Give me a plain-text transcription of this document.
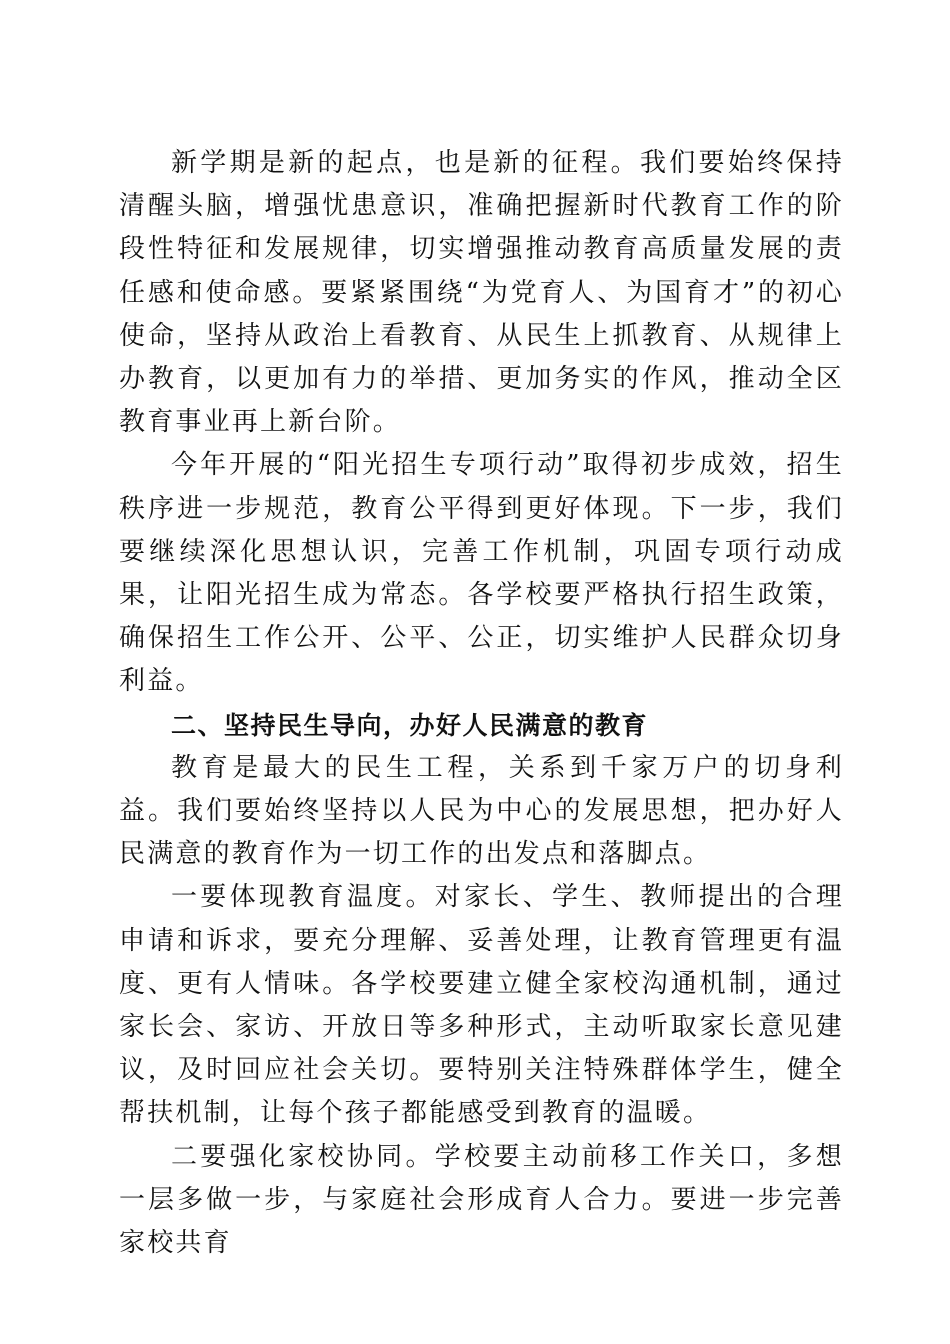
新学期是新的起点，也是新的征程。我们要始终保持清醒头脑，增强忧患意识，准确把握新时代教育工作的阶段性特征和发展规律，切实增强推动教育高质量发展的责任感和使命感。要紧紧围绕“为党育人、为国育才”的初心使命，坚持从政治上看教育、从民生上抓教育、从规律上办教育，以更加有力的举措、更加务实的作风，推动全区教育事业再上新台阶。

今年开展的“阳光招生专项行动”取得初步成效，招生秩序进一步规范，教育公平得到更好体现。下一步，我们要继续深化思想认识，完善工作机制，巩固专项行动成果，让阳光招生成为常态。各学校要严格执行招生政策，确保招生工作公开、公平、公正，切实维护人民群众切身利益。

二、坚持民生导向，办好人民满意的教育

教育是最大的民生工程，关系到千家万户的切身利益。我们要始终坚持以人民为中心的发展思想，把办好人民满意的教育作为一切工作的出发点和落脚点。

一要体现教育温度。对家长、学生、教师提出的合理申请和诉求，要充分理解、妥善处理，让教育管理更有温度、更有人情味。各学校要建立健全家校沟通机制，通过家长会、家访、开放日等多种形式，主动听取家长意见建议，及时回应社会关切。要特别关注特殊群体学生，健全帮扶机制，让每个孩子都能感受到教育的温暖。

二要强化家校协同。学校要主动前移工作关口，多想一层多做一步，与家庭社会形成育人合力。要进一步完善家校共育
